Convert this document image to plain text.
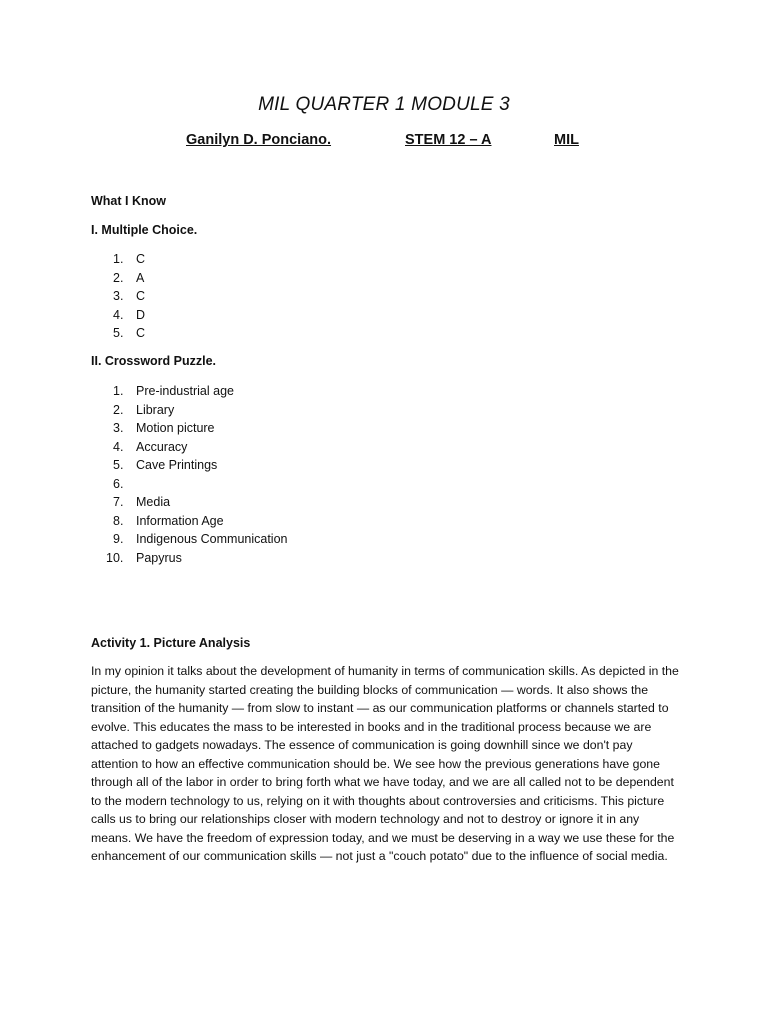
MIL QUARTER 1 MODULE 3
Ganilyn D. Ponciano.	STEM 12 – A	MIL
What I Know
I. Multiple Choice.
1.	C
2.	A
3.	C
4.	D
5.	C
II. Crossword Puzzle.
1.	Pre-industrial age
2.	Library
3.	Motion picture
4.	Accuracy
5.	Cave Printings
6.
7.	Media
8.	Information Age
9.	Indigenous Communication
10.	Papyrus
Activity 1. Picture Analysis

In my opinion it talks about the development of humanity in terms of communication skills. As depicted in the picture, the humanity started creating the building blocks of communication — words. It also shows the transition of the humanity — from slow to instant — as our communication platforms or channels started to evolve. This educates the mass to be interested in books and in the traditional process because we are attached to gadgets nowadays. The essence of communication is going downhill since we don't pay attention to how an effective communication should be. We see how the previous generations have gone through all of the labor in order to bring forth what we have today, and we are all called not to be dependent to the modern technology to us, relying on it with thoughts about controversies and criticisms. This picture calls us to bring our relationships closer with modern technology and not to destroy or ignore it in any means. We have the freedom of expression today, and we must be deserving in a way we use these for the enhancement of our communication skills — not just a "couch potato" due to the influence of social media.
